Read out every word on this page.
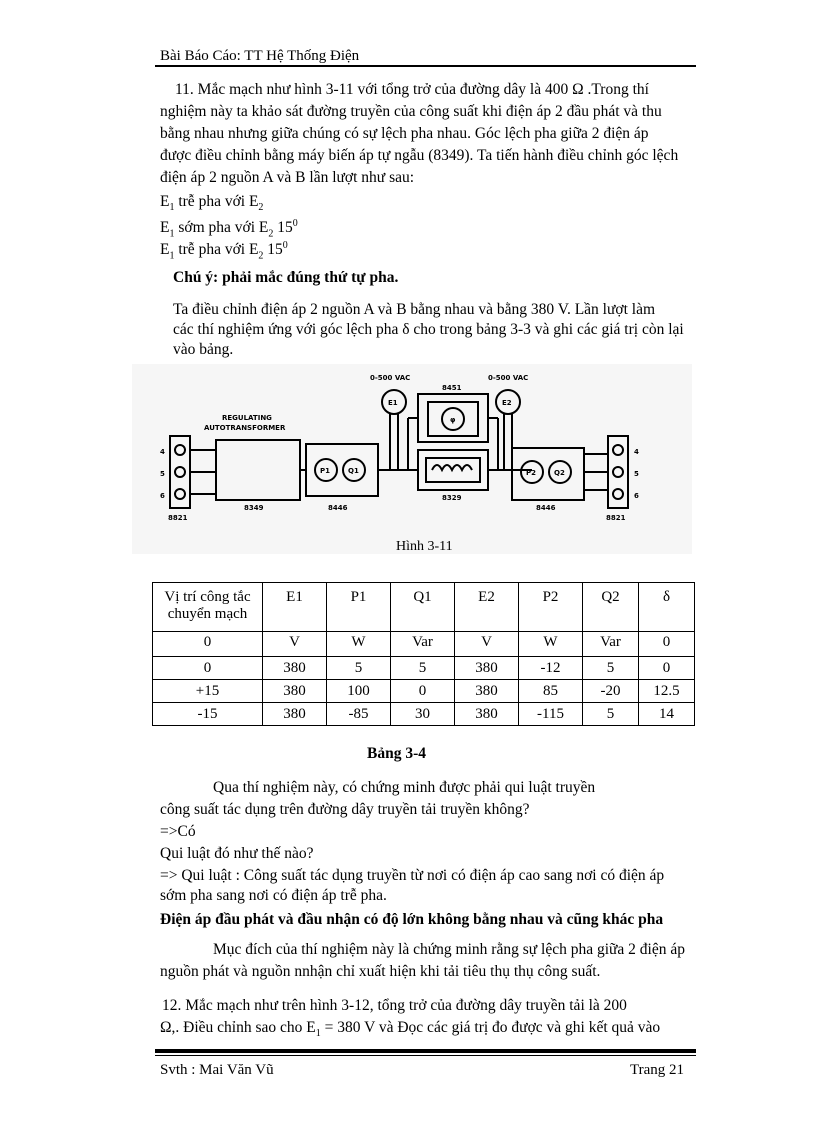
Bài Báo Cáo: TT Hệ Thống Điện
11. Mắc mạch như hình 3-11 với tổng trở của đường dây là 400 Ω .Trong thí
nghiệm này ta khảo sát đường truyền của công suất khi điện áp 2 đầu phát và thu
bằng nhau nhưng giữa chúng có sự lệch pha nhau. Góc lệch pha giữa 2 điện áp
được điều chỉnh bằng máy biến áp tự ngẫu (8349). Ta tiến hành điều chỉnh góc lệch
điện áp 2 nguồn A và B lần lượt như sau:
$E_1$ trễ pha với $E_2$
$E_1$ sớm pha với $E_2$ $15^0$
$E_1$ trễ pha với $E_2$ $15^0$
Chú ý: phải mắc đúng thứ tự pha.
Ta điều chỉnh điện áp 2 nguồn A và B bằng nhau và bằng 380 V. Lần lượt làm
các thí nghiệm ứng với góc lệch pha δ cho trong bảng 3-3 và ghi các giá trị còn lại
vào bảng.
0-500 VAC	0-500 VAC
E1	E2
8451
φ
REGULATING
AUTOTRANSFORMER
4
5
6
4
5
6
8821	8821
8349	8446	8446
8329
P1	Q1	P2	Q2
Hình 3-11
Vị trí công tắc chuyển mạch	E1	P1	Q1	E2	P2	Q2	δ
0	V	W	Var	V	W	Var	0
0	380	5	5	380	-12	5	0
+15	380	100	0	380	85	-20	12.5
-15	380	-85	30	380	-115	5	14
Bảng 3-4
Qua thí nghiệm này, có chứng minh được phải qui luật truyền
công suất tác dụng trên đường dây truyền tải truyền không?
=>Có
Qui luật đó như thế nào?
=> Qui luật : Công suất tác dụng truyền từ nơi có điện áp cao sang nơi có điện áp
sớm pha sang nơi có điện áp trễ pha.
Điện áp đầu phát và đầu nhận có độ lớn không bằng nhau và cũng khác pha
Mục đích của thí nghiệm này là chứng minh rằng sự lệch pha giữa 2 điện áp
nguồn phát và nguồn nnhận chỉ xuất hiện khi tải tiêu thụ thụ công suất.
12. Mắc mạch như trên hình 3-12, tổng trở của đường dây truyền tải là 200
Ω,. Điều chỉnh sao cho $E_1 = 380$ V và Đọc các giá trị đo được và ghi kết quả vào
Svth : Mai Văn Vũ	Trang 21
